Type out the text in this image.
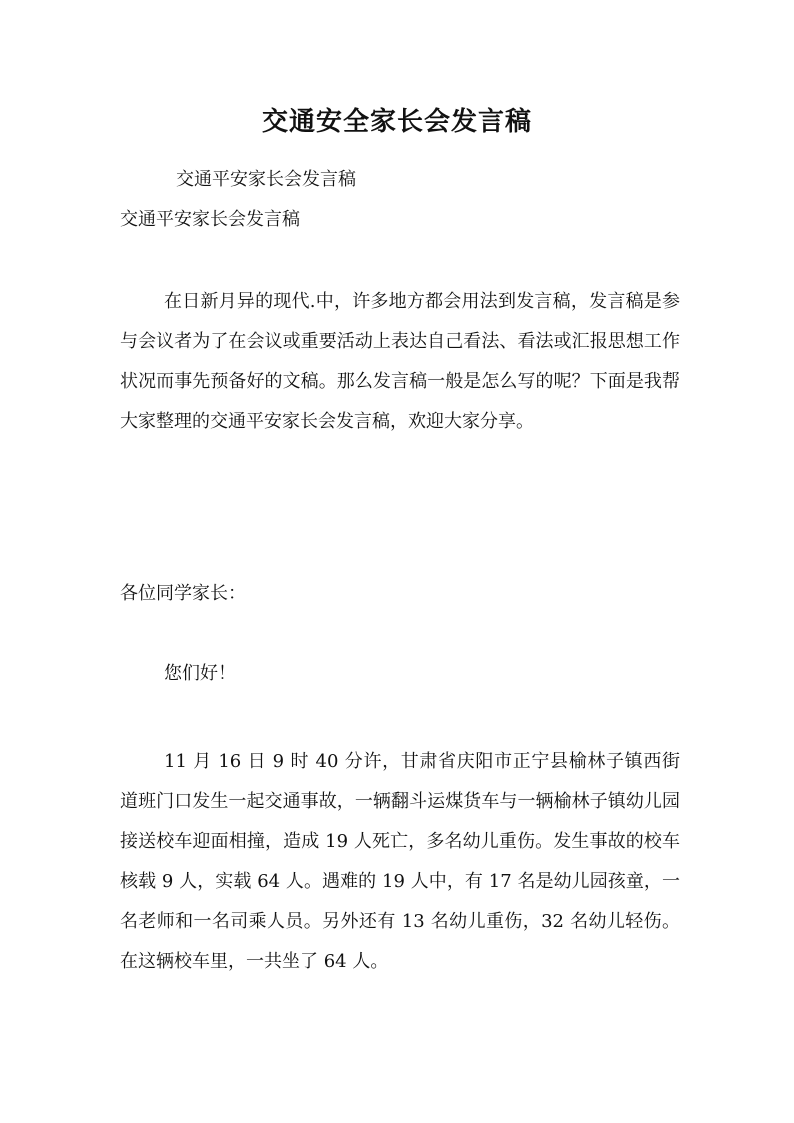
交通安全家长会发言稿
交通平安家长会发言稿
交通平安家长会发言稿
在日新月异的现代.中，许多地方都会用法到发言稿，发言稿是参与会议者为了在会议或重要活动上表达自己看法、看法或汇报思想工作状况而事先预备好的文稿。那么发言稿一般是怎么写的呢？下面是我帮大家整理的交通平安家长会发言稿，欢迎大家分享。
各位同学家长：
您们好！
11 月 16 日 9 时 40 分许，甘肃省庆阳市正宁县榆林子镇西街道班门口发生一起交通事故，一辆翻斗运煤货车与一辆榆林子镇幼儿园接送校车迎面相撞，造成 19 人死亡，多名幼儿重伤。发生事故的校车核载 9 人，实载 64 人。遇难的 19 人中，有 17 名是幼儿园孩童，一名老师和一名司乘人员。另外还有 13 名幼儿重伤，32 名幼儿轻伤。在这辆校车里，一共坐了 64 人。
